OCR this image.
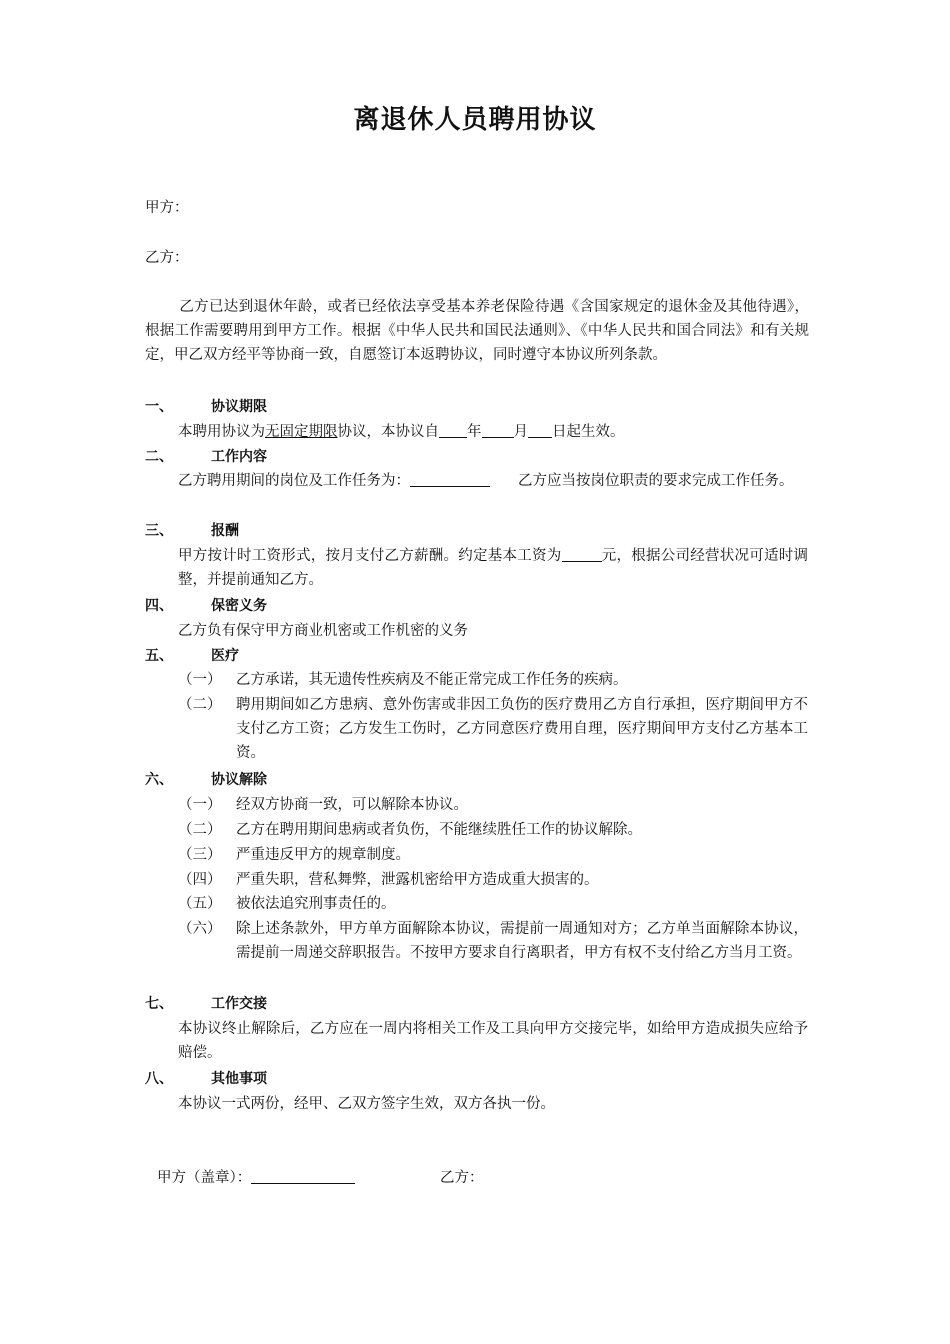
离退休人员聘用协议
甲方：
乙方：
乙方已达到退休年龄，或者已经依法享受基本养老保险待遇《含国家规定的退休金及其他待遇》，根据工作需要聘用到甲方工作。根据《中华人民共和国民法通则》、《中华人民共和国合同法》和有关规定，甲乙双方经平等协商一致，自愿签订本返聘协议，同时遵守本协议所列条款。
一、	协议期限
本聘用协议为无固定期限协议，本协议自 年 月 日起生效。
二、	工作内容
乙方聘用期间的岗位及工作任务为：	乙方应当按岗位职责的要求完成工作任务。
三、	报酬
甲方按计时工资形式，按月支付乙方薪酬。约定基本工资为	元，根据公司经营状况可适时调整，并提前通知乙方。
四、	保密义务
乙方负有保守甲方商业机密或工作机密的义务
五、	医疗
（一）	乙方承诺，其无遗传性疾病及不能正常完成工作任务的疾病。
（二）	聘用期间如乙方患病、意外伤害或非因工负伤的医疗费用乙方自行承担，医疗期间甲方不支付乙方工资；乙方发生工伤时，乙方同意医疗费用自理，医疗期间甲方支付乙方基本工资。
六、	协议解除
（一）	经双方协商一致，可以解除本协议。
（二）	乙方在聘用期间患病或者负伤，不能继续胜任工作的协议解除。
（三）	严重违反甲方的规章制度。
（四）	严重失职，营私舞弊，泄露机密给甲方造成重大损害的。
（五）	被依法追究刑事责任的。
（六）	除上述条款外，甲方单方面解除本协议，需提前一周通知对方；乙方单当面解除本协议，需提前一周递交辞职报告。不按甲方要求自行离职者，甲方有权不支付给乙方当月工资。
七、	工作交接
本协议终止解除后，乙方应在一周内将相关工作及工具向甲方交接完毕，如给甲方造成损失应给予赔偿。
八、	其他事项
本协议一式两份，经甲、乙双方签字生效，双方各执一份。
甲方（盖章）：	乙方：
